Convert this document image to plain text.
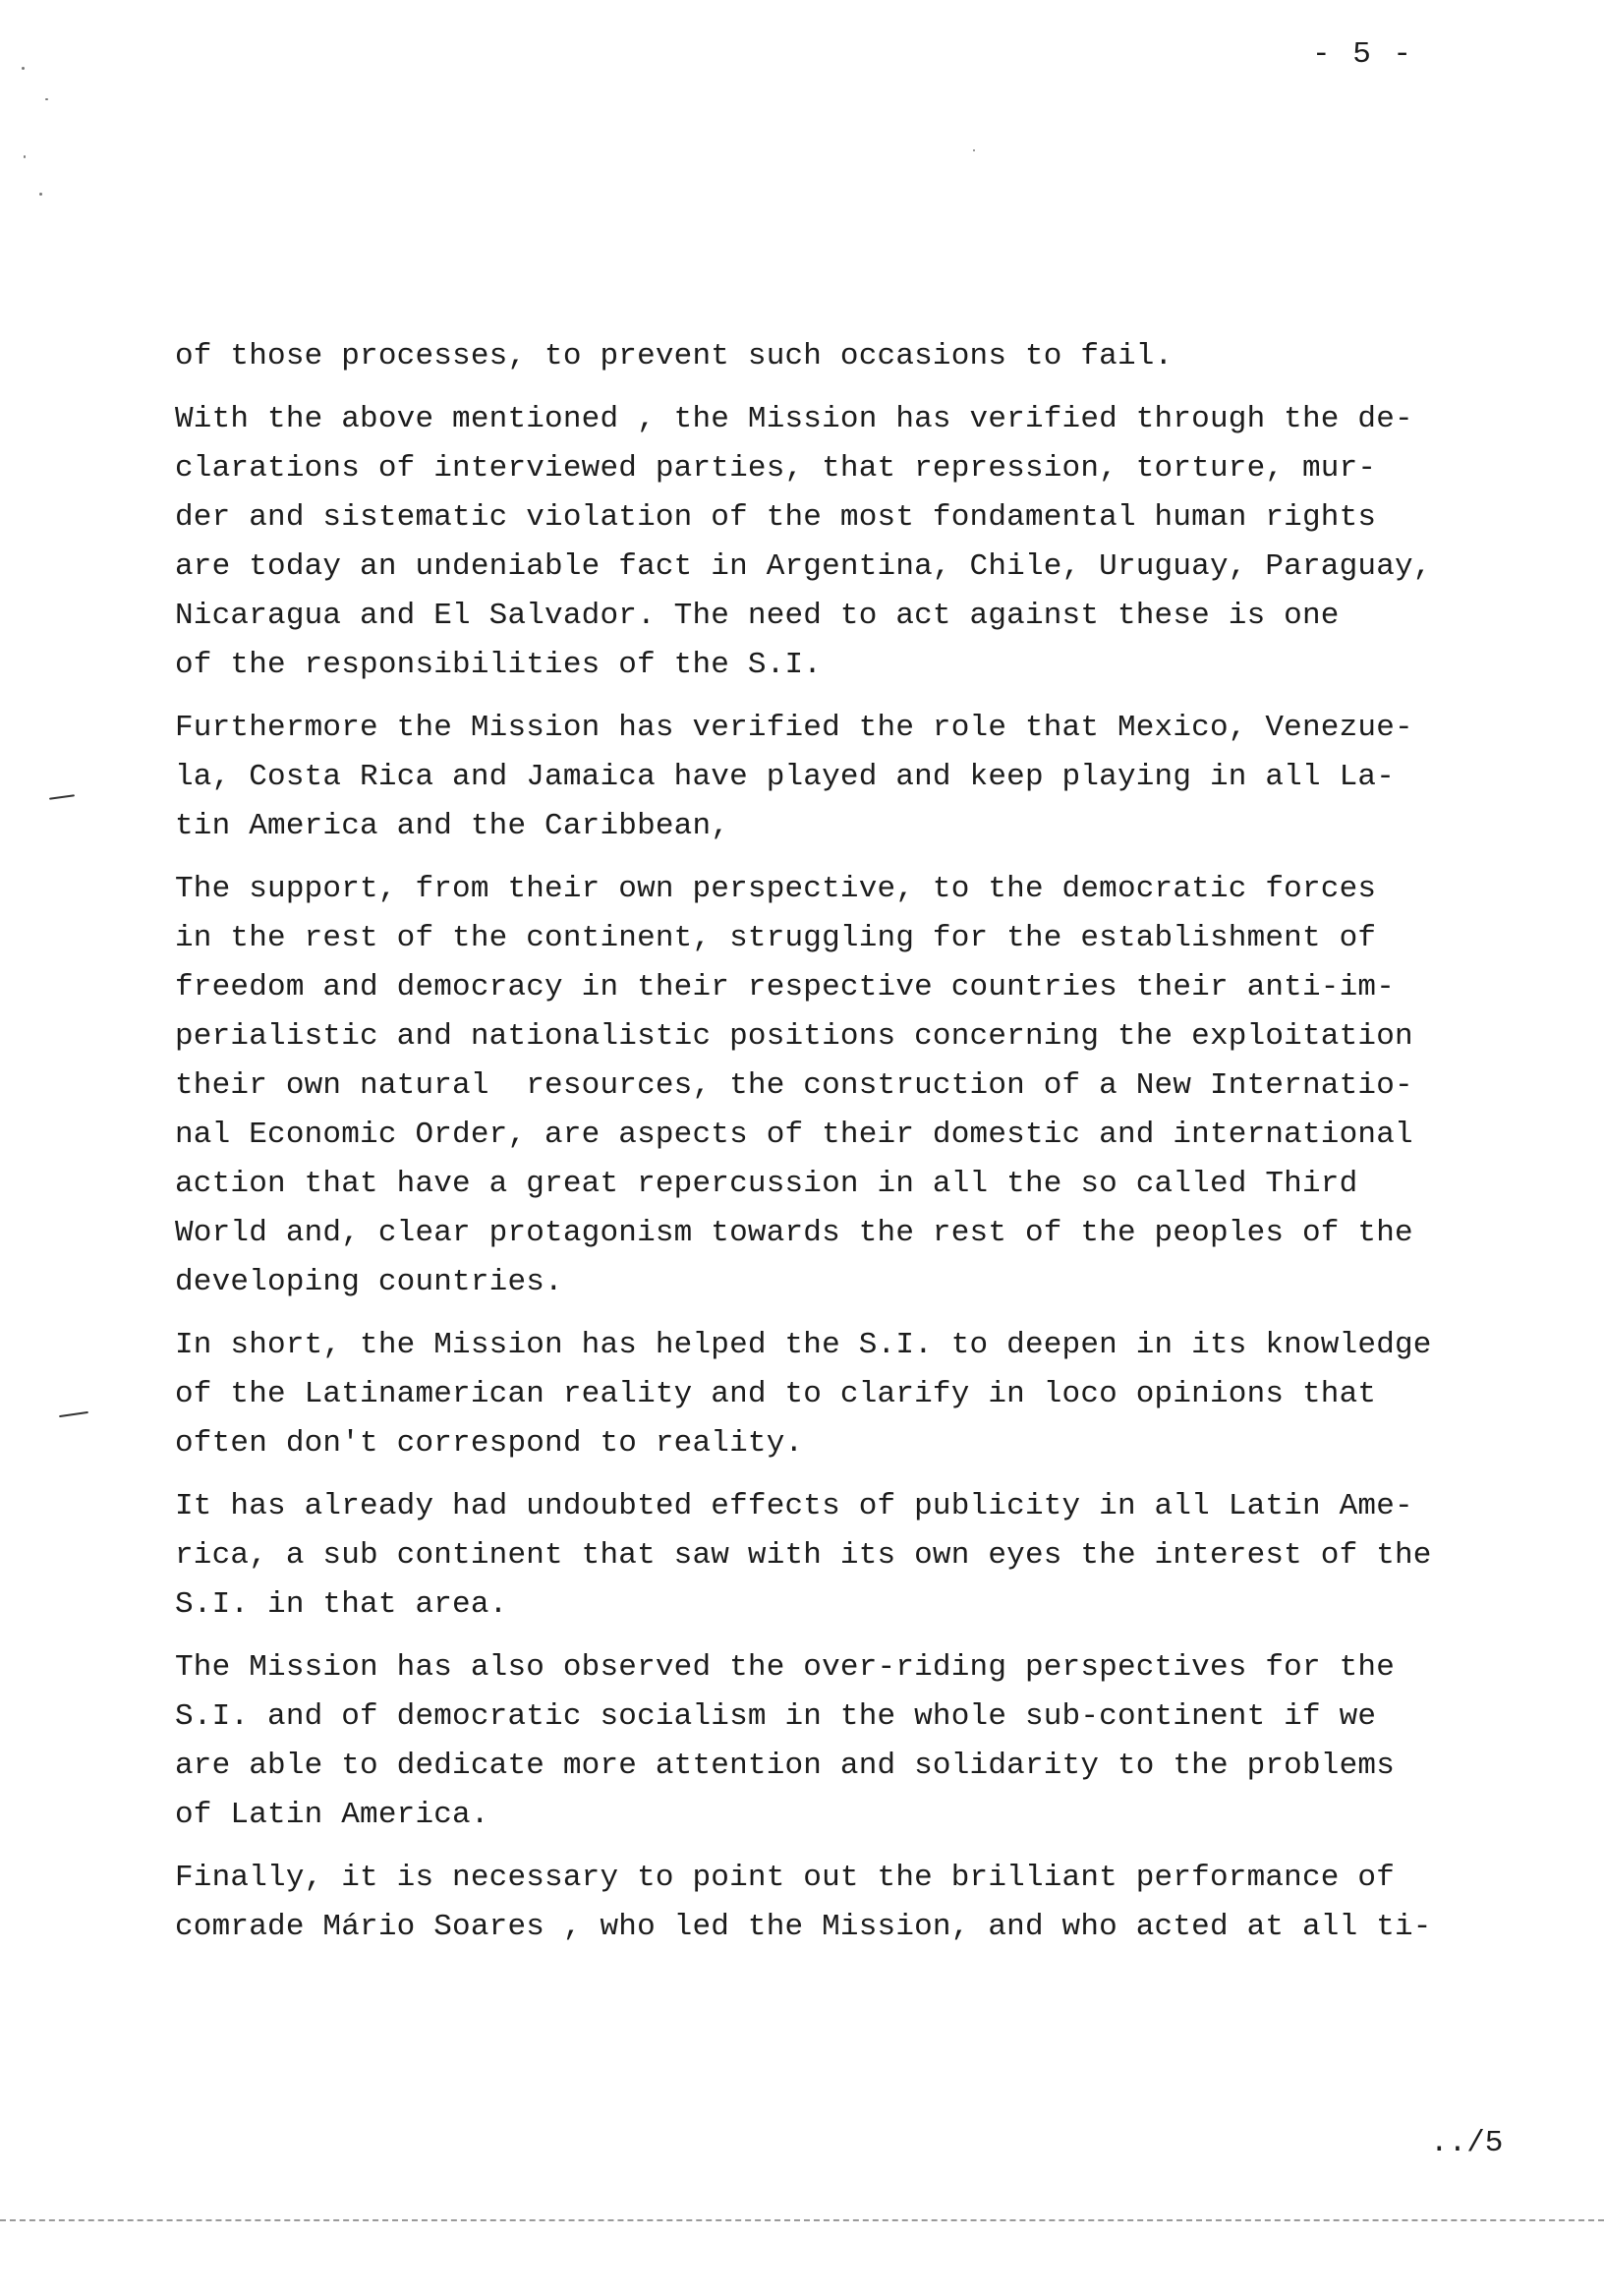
- 5 -
of those processes, to prevent such occasions to fail.
With the above mentioned , the Mission has verified through the de-
clarations of interviewed parties, that repression, torture, mur-
der and sistematic violation of the most fondamental human rights
are today an undeniable fact in Argentina, Chile, Uruguay, Paraguay,
Nicaragua and El Salvador. The need to act against these is one
of the responsibilities of the S.I.
Furthermore the Mission has verified the role that Mexico, Venezue-
la, Costa Rica and Jamaica have played and keep playing in all La-
tin America and the Caribbean,
The support, from their own perspective, to the democratic forces
in the rest of the continent, struggling for the establishment of
freedom and democracy in their respective countries their anti-im-
perialistic and nationalistic positions concerning the exploitation
their own natural  resources, the construction of a New Internatio-
nal Economic Order, are aspects of their domestic and international
action that have a great repercussion in all the so called Third
World and, clear protagonism towards the rest of the peoples of the
developing countries.
In short, the Mission has helped the S.I. to deepen in its knowledge
of the Latinamerican reality and to clarify in loco opinions that
often don't correspond to reality.
It has already had undoubted effects of publicity in all Latin Ame-
rica, a sub continent that saw with its own eyes the interest of the
S.I. in that area.
The Mission has also observed the over-riding perspectives for the
S.I. and of democratic socialism in the whole sub-continent if we
are able to dedicate more attention and solidarity to the problems
of Latin America.
Finally, it is necessary to point out the brilliant performance of
comrade Mário Soares , who led the Mission, and who acted at all ti-
../5
